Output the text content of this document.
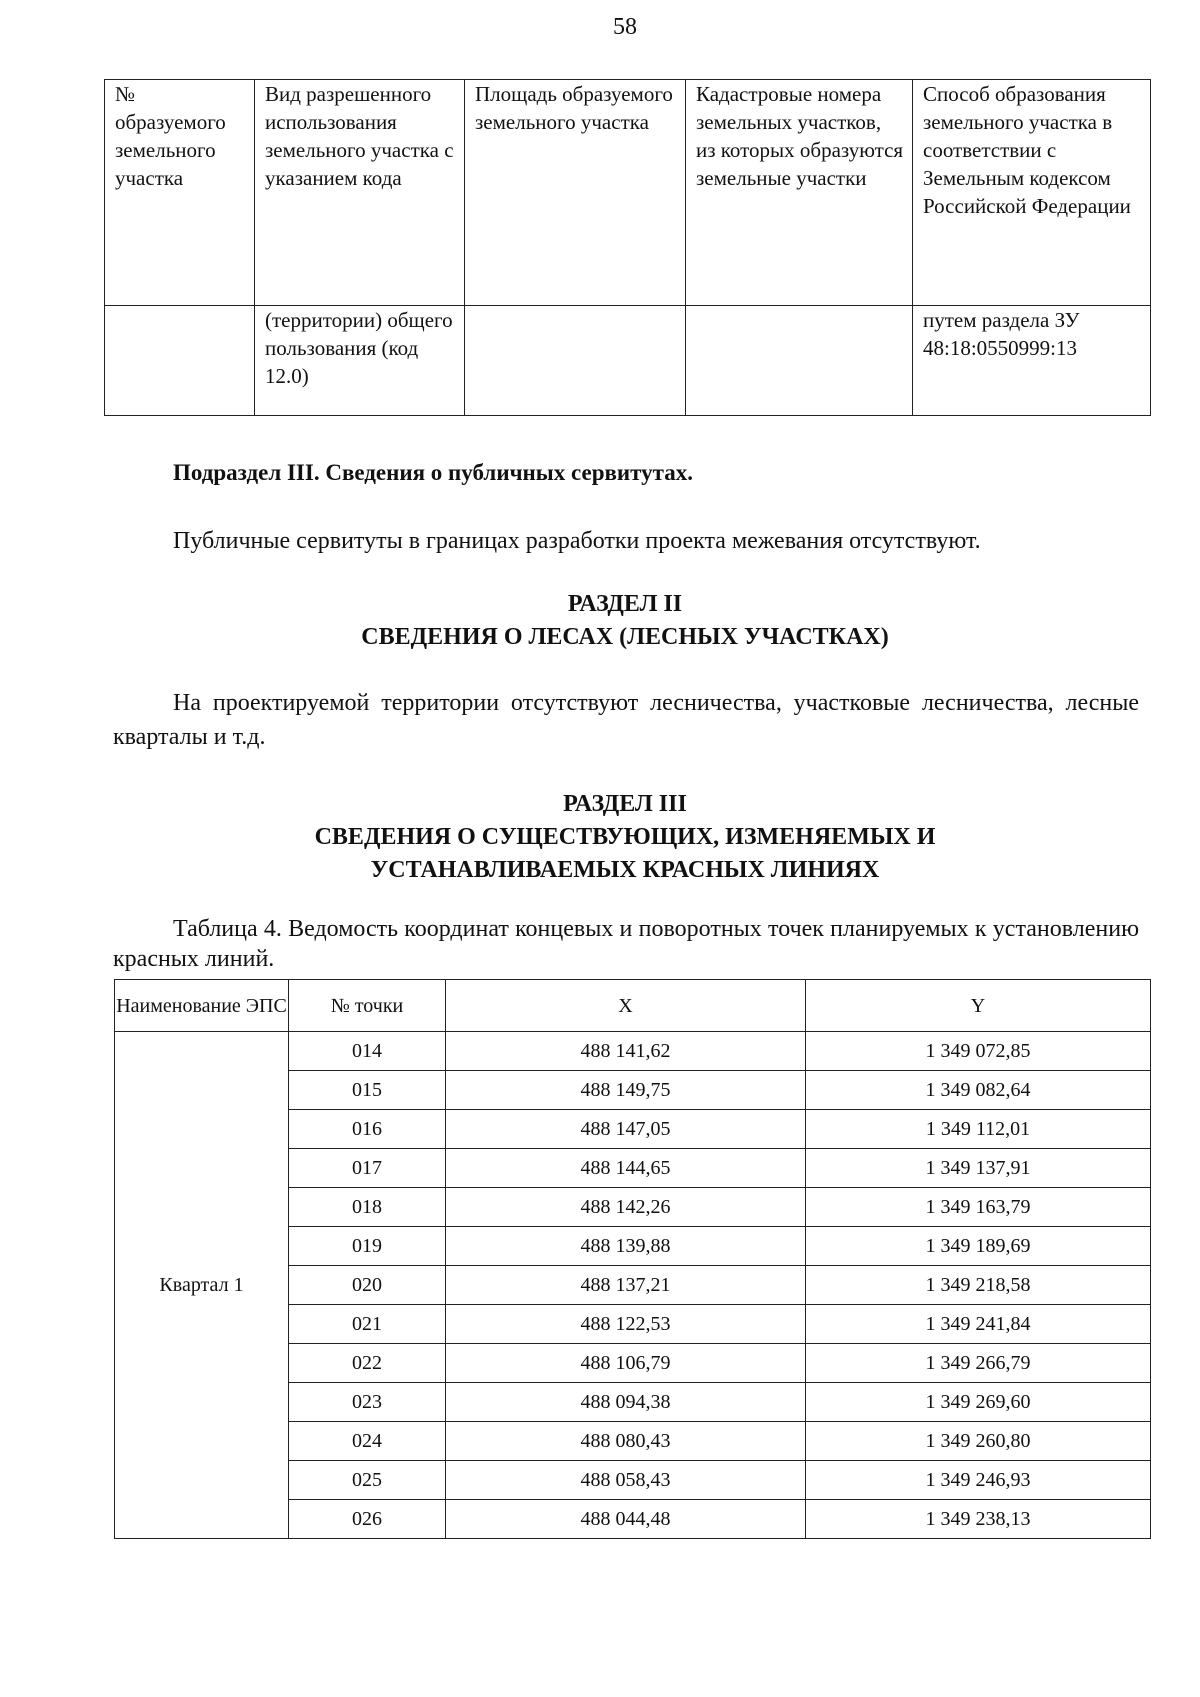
58
№ образуемого земельного участка	Вид разрешенного использования земельного участка с указанием кода	Площадь образуемого земельного участка	Кадастровые номера земельных участков, из которых образуются земельные участки	Способ образования земельного участка в соответствии с Земельным кодексом Российской Федерации
	(территории) общего пользования (код 12.0)			путем раздела ЗУ 48:18:0550999:13
Подраздел III. Сведения о публичных сервитутах.
Публичные сервитуты в границах разработки проекта межевания отсутствуют.
РАЗДЕЛ II
СВЕДЕНИЯ О ЛЕСАХ (ЛЕСНЫХ УЧАСТКАХ)
На проектируемой территории отсутствуют лесничества, участковые лесничества, лесные кварталы и т.д.
РАЗДЕЛ III
СВЕДЕНИЯ О СУЩЕСТВУЮЩИХ, ИЗМЕНЯЕМЫХ И
УСТАНАВЛИВАЕМЫХ КРАСНЫХ ЛИНИЯХ
Таблица 4. Ведомость координат концевых и поворотных точек планируемых к установлению красных линий.
Наименование ЭПС	№ точки	X	Y
Квартал 1	014	488 141,62	1 349 072,85
	015	488 149,75	1 349 082,64
	016	488 147,05	1 349 112,01
	017	488 144,65	1 349 137,91
	018	488 142,26	1 349 163,79
	019	488 139,88	1 349 189,69
	020	488 137,21	1 349 218,58
	021	488 122,53	1 349 241,84
	022	488 106,79	1 349 266,79
	023	488 094,38	1 349 269,60
	024	488 080,43	1 349 260,80
	025	488 058,43	1 349 246,93
	026	488 044,48	1 349 238,13
